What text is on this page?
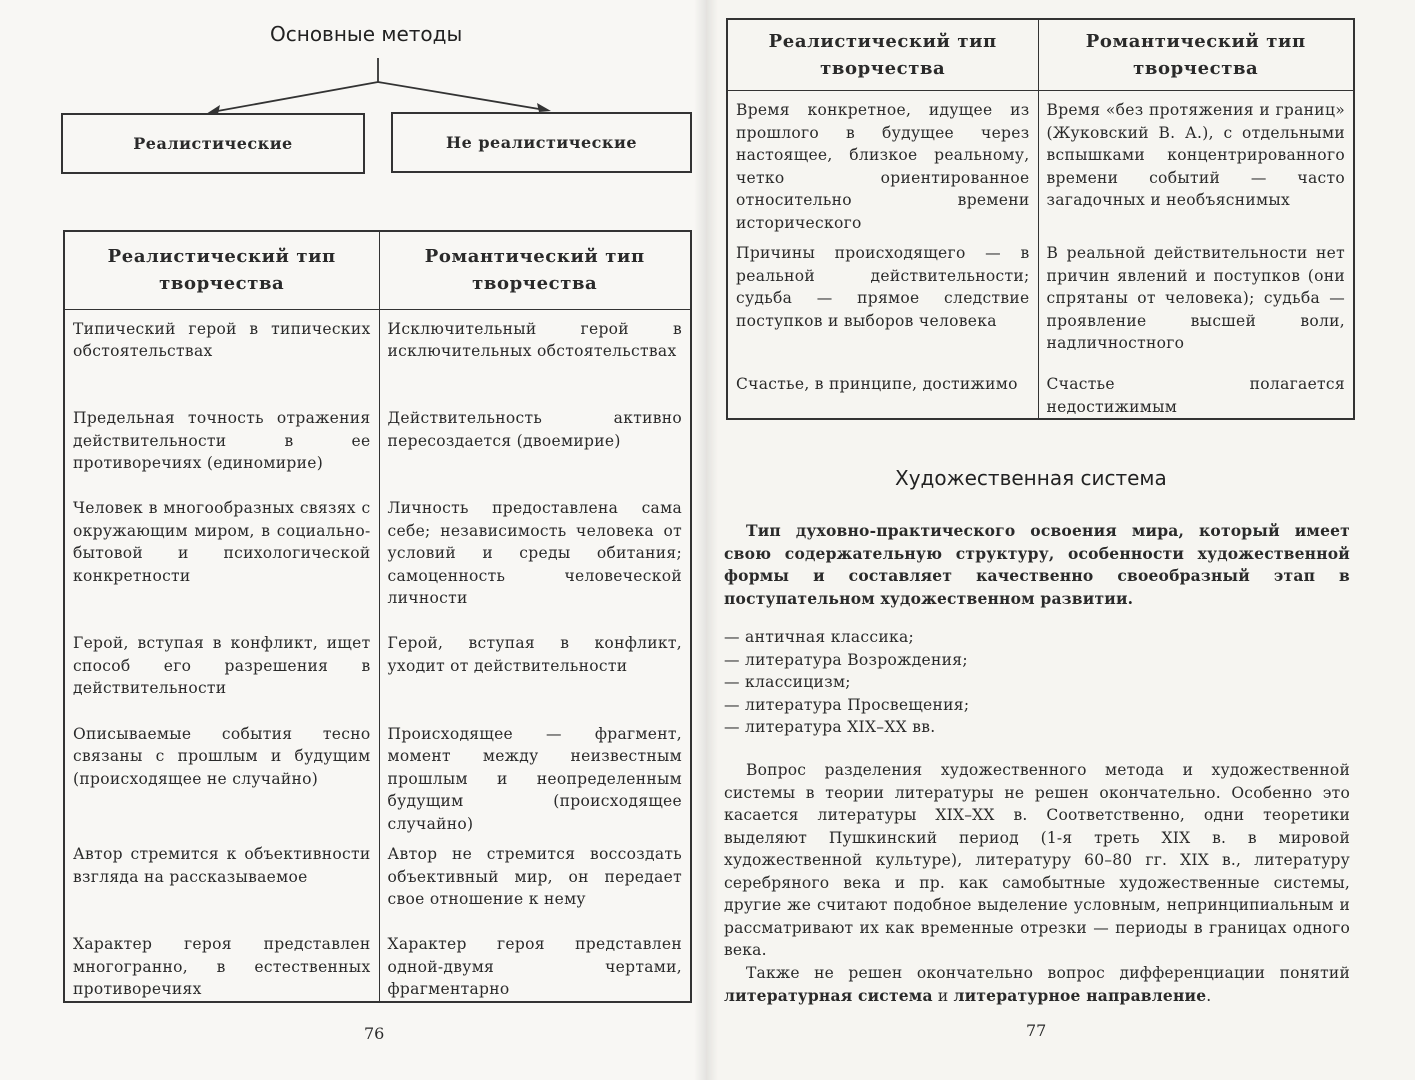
Основные методы
Реалистические	Не реалистические
Реалистический тип творчества	Романтический тип творчества
Типический герой в типических обстоятельствах	Исключительный герой в исключительных обстоятельствах
Предельная точность отражения действительности в ее противоречиях (единомирие)	Действительность активно пересоздается (двоемирие)
Человек в многообразных связях с окружающим миром, в социально-бытовой и психологической конкретности	Личность предоставлена сама себе; независимость человека от условий и среды обитания; самоценность человеческой личности
Герой, вступая в конфликт, ищет способ его разрешения в действительности	Герой, вступая в конфликт, уходит от действительности
Описываемые события тесно связаны с прошлым и будущим (происходящее не случайно)	Происходящее — фрагмент, момент между неизвестным прошлым и неопределенным будущим (происходящее случайно)
Автор стремится к объективности взгляда на рассказываемое	Автор не стремится воссоздать объективный мир, он передает свое отношение к нему
Характер героя представлен многогранно, в естественных противоречиях	Характер героя представлен одной-двумя чертами, фрагментарно
76
Реалистический тип творчества	Романтический тип творчества
Время конкретное, идущее из прошлого в будущее через настоящее, близкое реальному, четко ориентированное относительно времени исторического	Время «без протяжения и границ» (Жуковский В. А.), с отдельными вспышками концентрированного времени событий — часто загадочных и необъяснимых
Причины происходящего — в реальной действительности; судьба — прямое следствие поступков и выборов человека	В реальной действительности нет причин явлений и поступков (они спрятаны от человека); судьба — проявление высшей воли, надличностного
Счастье, в принципе, достижимо	Счастье полагается недостижимым
Художественная система
Тип духовно-практического освоения мира, который имеет свою содержательную структуру, особенности художественной формы и составляет качественно своеобразный этап в поступательном художественном развитии.
— античная классика;
— литература Возрождения;
— классицизм;
— литература Просвещения;
— литература XIX–XX вв.
Вопрос разделения художественного метода и художественной системы в теории литературы не решен окончательно. Особенно это касается литературы XIX–XX в. Соответственно, одни теоретики выделяют Пушкинский период (1-я треть XIX в. в мировой художественной культуре), литературу 60–80 гг. XIX в., литературу серебряного века и пр. как самобытные художественные системы, другие же считают подобное выделение условным, непринципиальным и рассматривают их как временные отрезки — периоды в границах одного века.
Также не решен окончательно вопрос дифференциации понятий литературная система и литературное направление.
77
